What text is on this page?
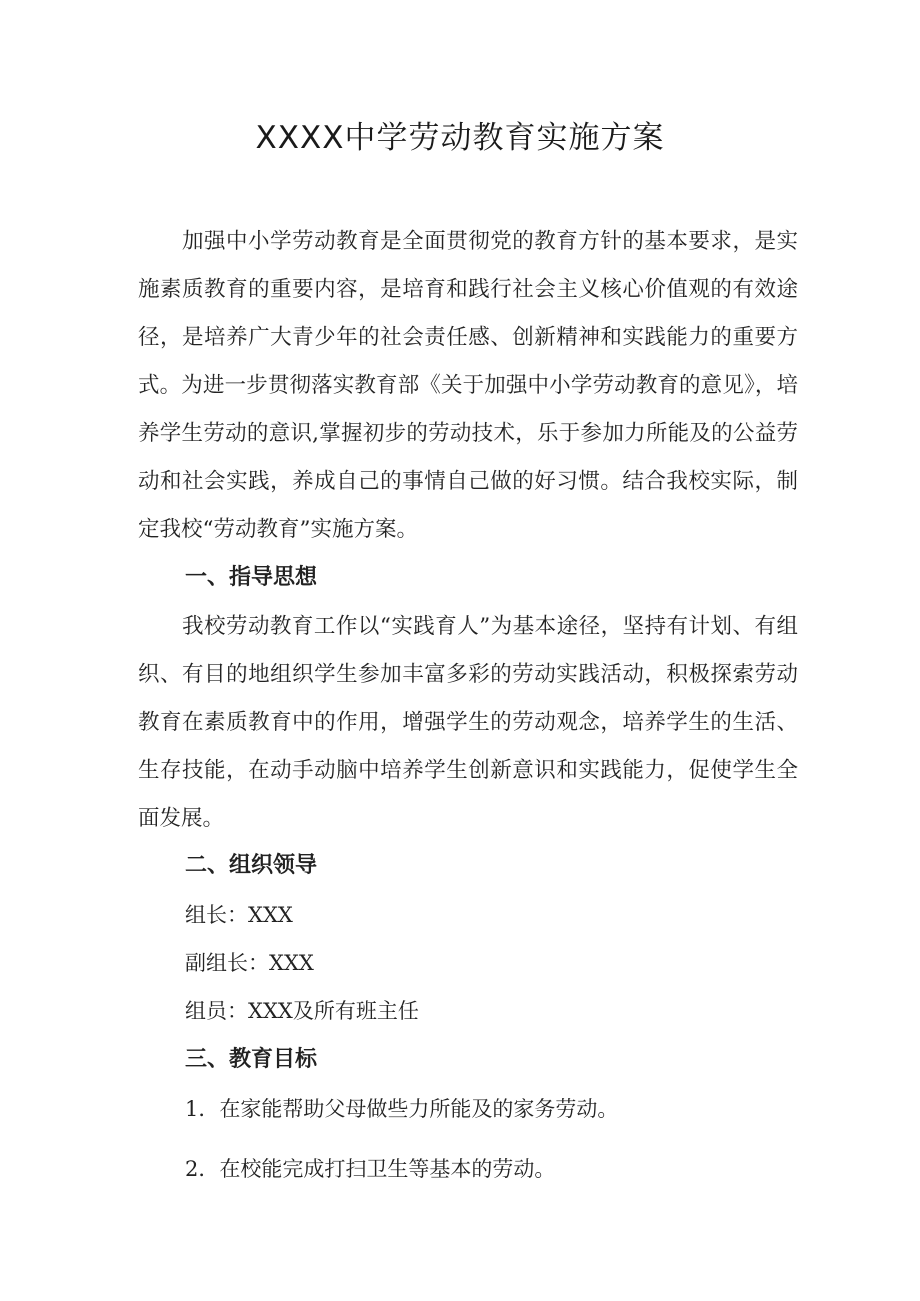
XXXX中学劳动教育实施方案

加强中小学劳动教育是全面贯彻党的教育方针的基本要求，是实施素质教育的重要内容，是培育和践行社会主义核心价值观的有效途径，是培养广大青少年的社会责任感、创新精神和实践能力的重要方式。为进一步贯彻落实教育部《关于加强中小学劳动教育的意见》，培养学生劳动的意识,掌握初步的劳动技术，乐于参加力所能及的公益劳动和社会实践，养成自己的事情自己做的好习惯。结合我校实际，制定我校“劳动教育”实施方案。

一、指导思想

我校劳动教育工作以“实践育人”为基本途径，坚持有计划、有组织、有目的地组织学生参加丰富多彩的劳动实践活动，积极探索劳动教育在素质教育中的作用，增强学生的劳动观念，培养学生的生活、生存技能，在动手动脑中培养学生创新意识和实践能力，促使学生全面发展。

二、组织领导

组长：XXX

副组长：XXX

组员：XXX及所有班主任

三、教育目标

1．在家能帮助父母做些力所能及的家务劳动。

2．在校能完成打扫卫生等基本的劳动。
